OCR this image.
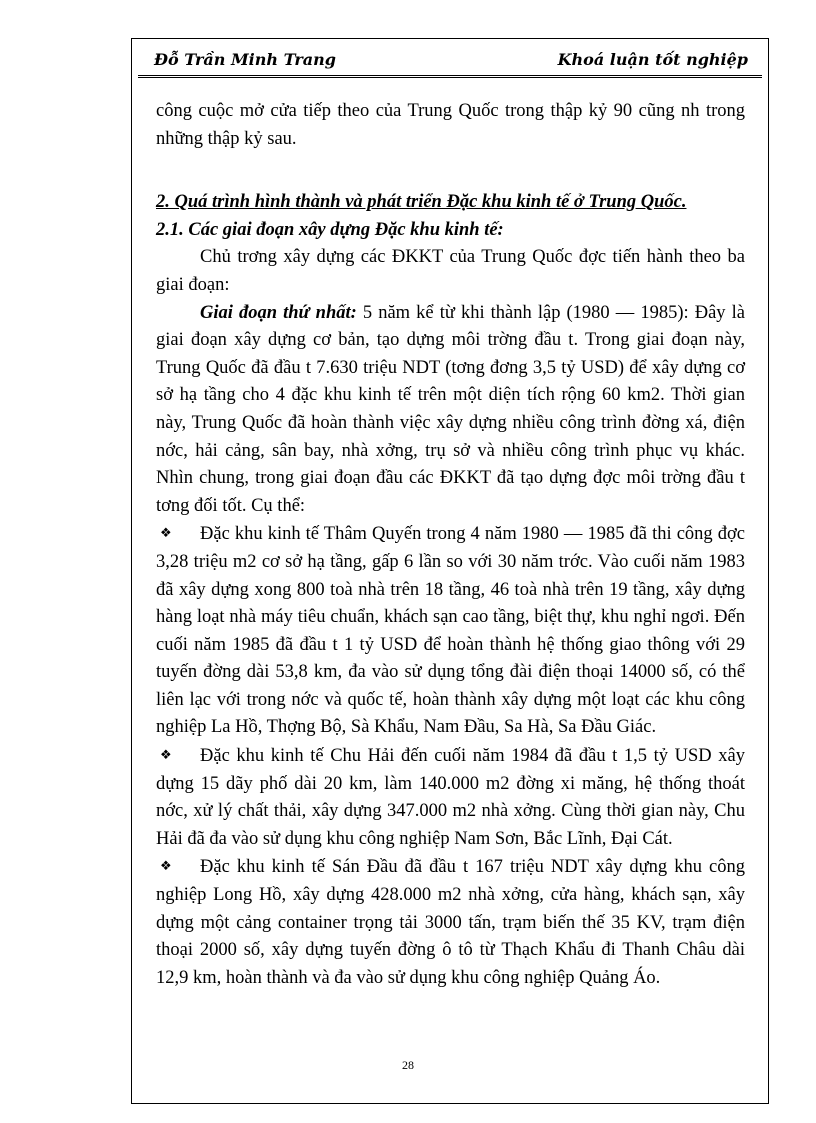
Đỗ Trần Minh Trang	Khoá luận tốt nghiệp

công cuộc mở cửa tiếp theo của Trung Quốc trong thập kỷ 90 cũng nh trong những thập kỷ sau.

2. Quá trình hình thành và phát triển Đặc khu kinh tế ở Trung Quốc.

2.1. Các giai đoạn xây dựng Đặc khu kinh tế:

Chủ trơng xây dựng các ĐKKT của Trung Quốc đợc tiến hành theo ba giai đoạn:

Giai đoạn thứ nhất: 5 năm kể từ khi thành lập (1980 — 1985): Đây là giai đoạn xây dựng cơ bản, tạo dựng môi trờng đầu t. Trong giai đoạn này, Trung Quốc đã đầu t 7.630 triệu NDT (tơng đơng 3,5 tỷ USD) để xây dựng cơ sở hạ tầng cho 4 đặc khu kinh tế trên một diện tích rộng 60 km2. Thời gian này, Trung Quốc đã hoàn thành việc xây dựng nhiều công trình đờng xá, điện nớc, hải cảng, sân bay, nhà xởng, trụ sở và nhiều công trình phục vụ khác. Nhìn chung, trong giai đoạn đầu các ĐKKT đã tạo dựng đợc môi trờng đầu t tơng đối tốt. Cụ thể:

❖ Đặc khu kinh tế Thâm Quyến trong 4 năm 1980 — 1985 đã thi công đợc 3,28 triệu m2 cơ sở hạ tầng, gấp 6 lần so với 30 năm trớc. Vào cuối năm 1983 đã xây dựng xong 800 toà nhà trên 18 tầng, 46 toà nhà trên 19 tầng, xây dựng hàng loạt nhà máy tiêu chuẩn, khách sạn cao tầng, biệt thự, khu nghỉ ngơi. Đến cuối năm 1985 đã đầu t 1 tỷ USD để hoàn thành hệ thống giao thông với 29 tuyến đờng dài 53,8 km, đa vào sử dụng tổng đài điện thoại 14000 số, có thể liên lạc với trong nớc và quốc tế, hoàn thành xây dựng một loạt các khu công nghiệp La Hồ, Thợng Bộ, Sà Khẩu, Nam Đầu, Sa Hà, Sa Đầu Giác.

❖ Đặc khu kinh tế Chu Hải đến cuối năm 1984 đã đầu t 1,5 tỷ USD xây dựng 15 dãy phố dài 20 km, làm 140.000 m2 đờng xi măng, hệ thống thoát nớc, xử lý chất thải, xây dựng 347.000 m2 nhà xởng. Cùng thời gian này, Chu Hải đã đa vào sử dụng khu công nghiệp Nam Sơn, Bắc Lĩnh, Đại Cát.

❖ Đặc khu kinh tế Sán Đầu đã đầu t 167 triệu NDT xây dựng khu công nghiệp Long Hồ, xây dựng 428.000 m2 nhà xởng, cửa hàng, khách sạn, xây dựng một cảng container trọng tải 3000 tấn, trạm biến thế 35 KV, trạm điện thoại 2000 số, xây dựng tuyến đờng ô tô từ Thạch Khẩu đi Thanh Châu dài 12,9 km, hoàn thành và đa vào sử dụng khu công nghiệp Quảng Áo.

28
